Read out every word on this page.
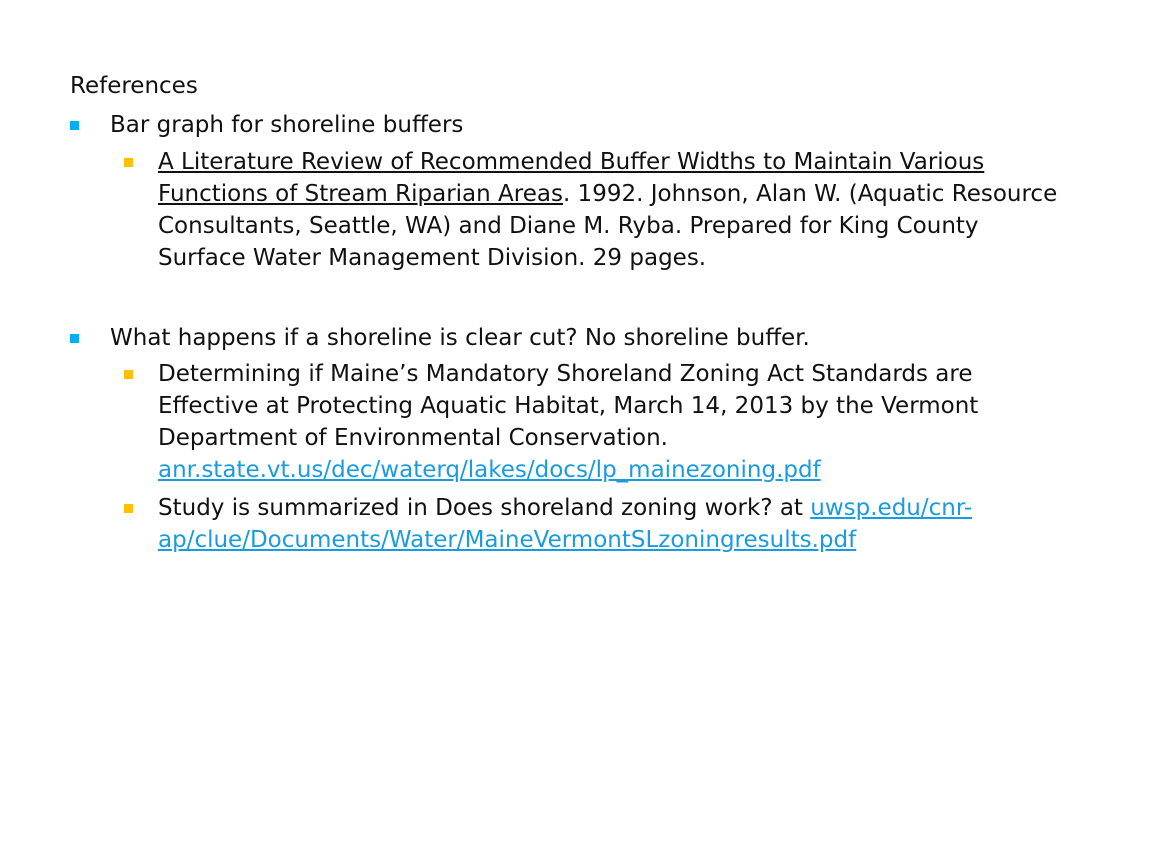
References
Bar graph for shoreline buffers
A Literature Review of Recommended Buffer Widths to Maintain Various Functions of Stream Riparian Areas. 1992. Johnson, Alan W. (Aquatic Resource Consultants, Seattle, WA) and Diane M. Ryba. Prepared for King County Surface Water Management Division. 29 pages.
What happens if a shoreline is clear cut? No shoreline buffer.
Determining if Maine’s Mandatory Shoreland Zoning Act Standards are Effective at Protecting Aquatic Habitat, March 14, 2013 by the Vermont Department of Environmental Conservation.
anr.state.vt.us/dec/waterq/lakes/docs/lp_mainezoning.pdf
Study is summarized in Does shoreland zoning work? at uwsp.edu/cnr-ap/clue/Documents/Water/MaineVermontSLzoningresults.pdf
